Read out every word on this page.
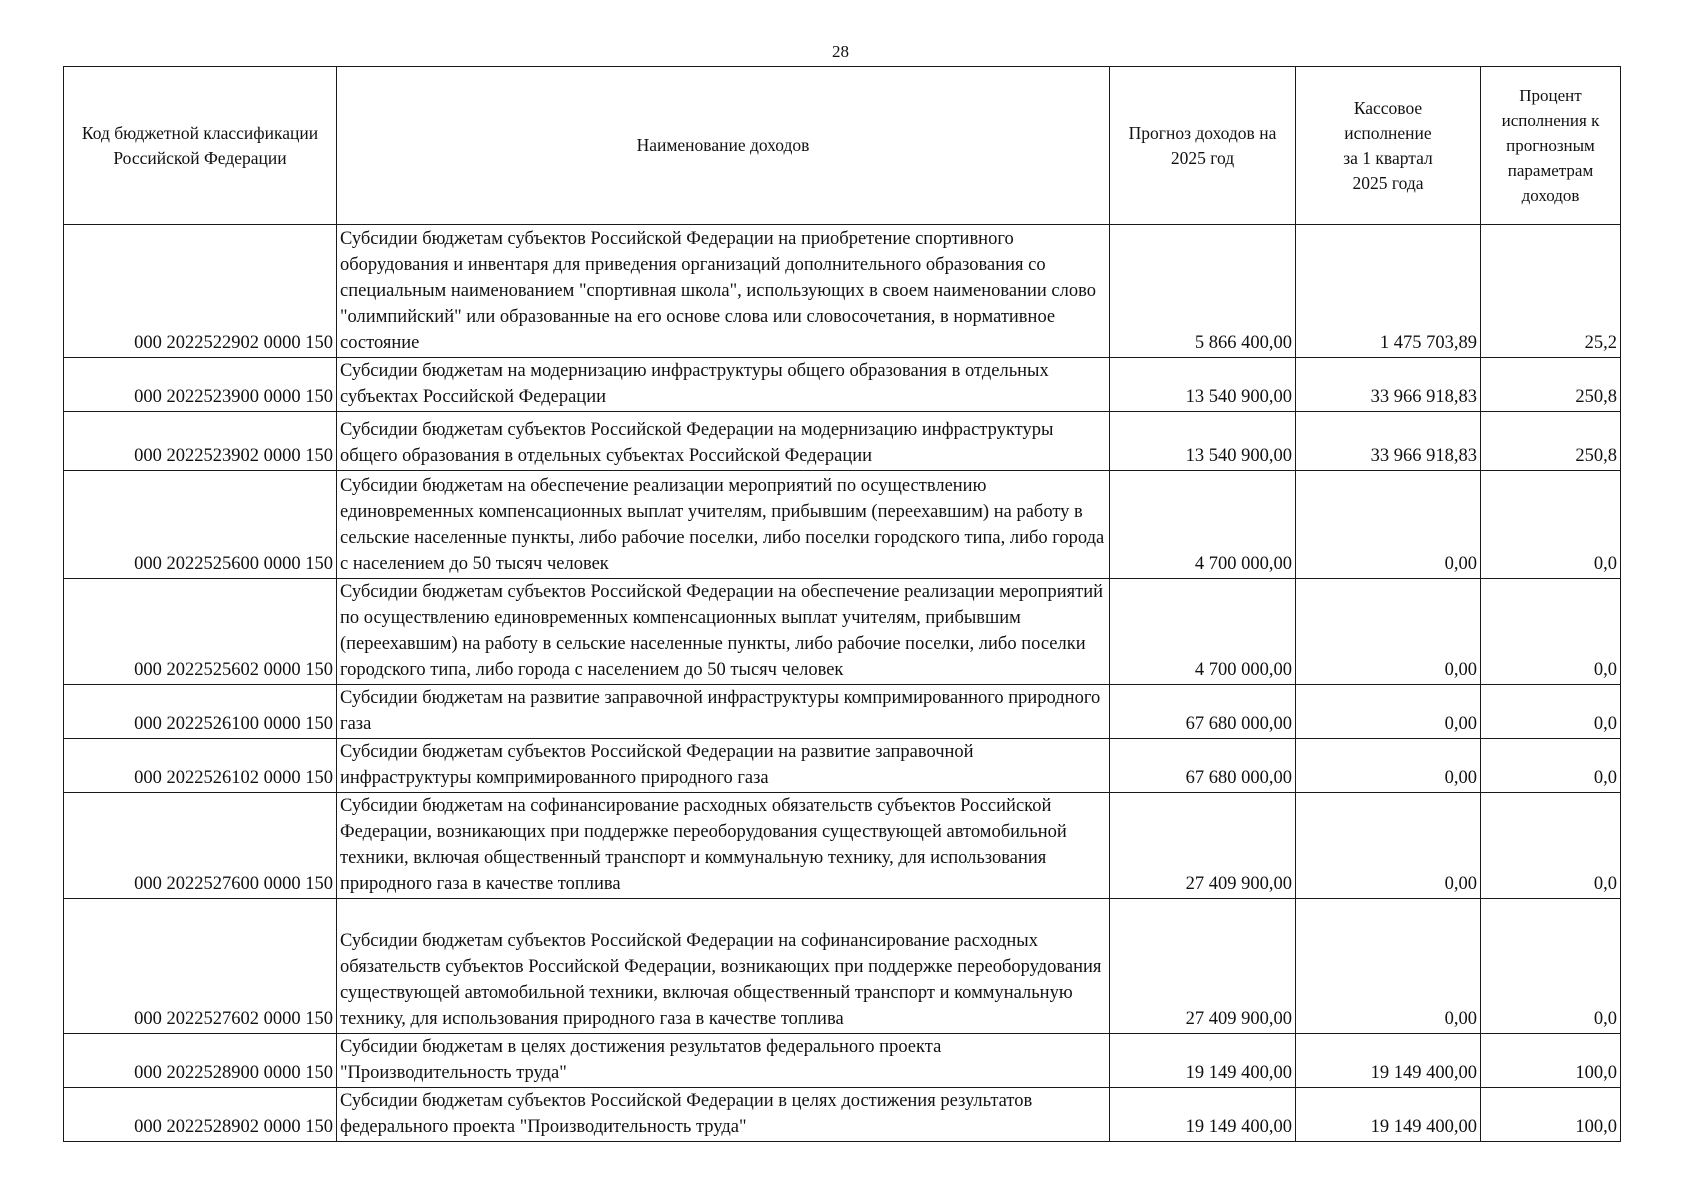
28
Код бюджетной классификации Российской Федерации	Наименование доходов	Прогноз доходов на 2025 год	Кассовое исполнение за 1 квартал 2025 года	Процент исполнения к прогнозным параметрам доходов
000 2022522902 0000 150	Субсидии бюджетам субъектов Российской Федерации на приобретение спортивного оборудования и инвентаря для приведения организаций дополнительного образования со специальным наименованием "спортивная школа", использующих в своем наименовании слово "олимпийский" или образованные на его основе слова или словосочетания, в нормативное состояние	5 866 400,00	1 475 703,89	25,2
000 2022523900 0000 150	Субсидии бюджетам на модернизацию инфраструктуры общего образования в отдельных субъектах Российской Федерации	13 540 900,00	33 966 918,83	250,8
000 2022523902 0000 150	Субсидии бюджетам субъектов Российской Федерации на модернизацию инфраструктуры общего образования в отдельных субъектах Российской Федерации	13 540 900,00	33 966 918,83	250,8
000 2022525600 0000 150	Субсидии бюджетам на обеспечение реализации мероприятий по осуществлению единовременных компенсационных выплат учителям, прибывшим (переехавшим) на работу в сельские населенные пункты, либо рабочие поселки, либо поселки городского типа, либо города с населением до 50 тысяч человек	4 700 000,00	0,00	0,0
000 2022525602 0000 150	Субсидии бюджетам субъектов Российской Федерации на обеспечение реализации мероприятий по осуществлению единовременных компенсационных выплат учителям, прибывшим (переехавшим) на работу в сельские населенные пункты, либо рабочие поселки, либо поселки городского типа, либо города с населением до 50 тысяч человек	4 700 000,00	0,00	0,0
000 2022526100 0000 150	Субсидии бюджетам на развитие заправочной инфраструктуры компримированного природного газа	67 680 000,00	0,00	0,0
000 2022526102 0000 150	Субсидии бюджетам субъектов Российской Федерации на развитие заправочной инфраструктуры компримированного природного газа	67 680 000,00	0,00	0,0
000 2022527600 0000 150	Субсидии бюджетам на софинансирование расходных обязательств субъектов Российской Федерации, возникающих при поддержке переоборудования существующей автомобильной техники, включая общественный транспорт и коммунальную технику, для использования природного газа в качестве топлива	27 409 900,00	0,00	0,0
000 2022527602 0000 150	Субсидии бюджетам субъектов Российской Федерации на софинансирование расходных обязательств субъектов Российской Федерации, возникающих при поддержке переоборудования существующей автомобильной техники, включая общественный транспорт и коммунальную технику, для использования природного газа в качестве топлива	27 409 900,00	0,00	0,0
000 2022528900 0000 150	Субсидии бюджетам в целях достижения результатов федерального проекта "Производительность труда"	19 149 400,00	19 149 400,00	100,0
000 2022528902 0000 150	Субсидии бюджетам субъектов Российской Федерации в целях достижения результатов федерального проекта "Производительность труда"	19 149 400,00	19 149 400,00	100,0
